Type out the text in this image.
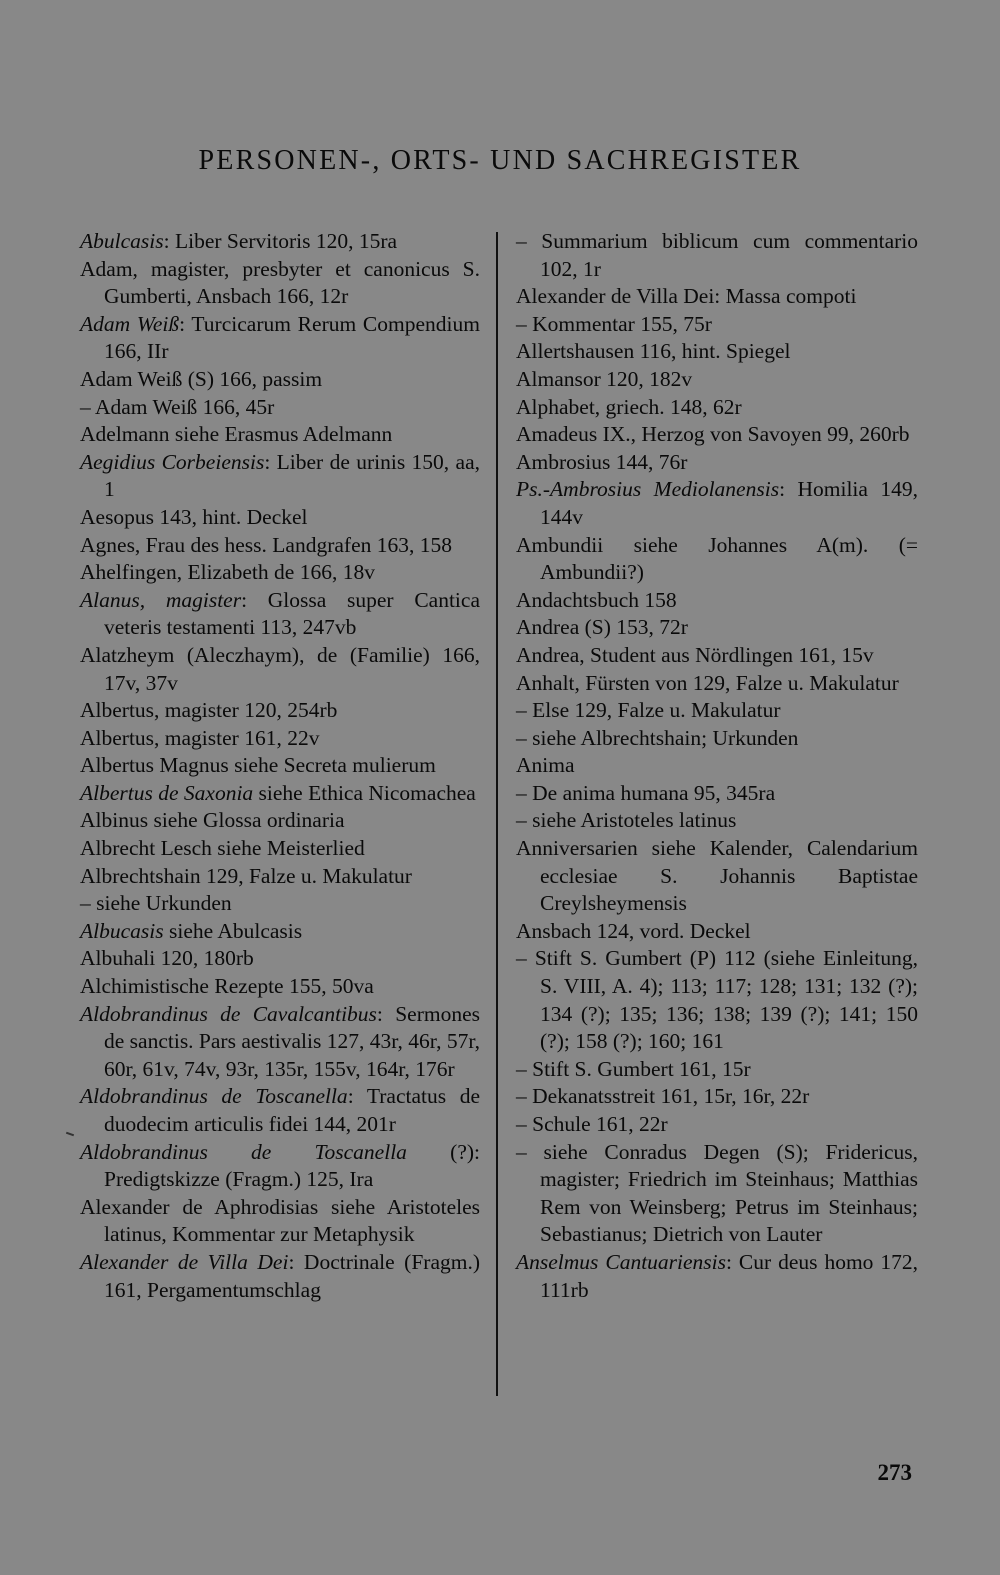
PERSONEN-, ORTS- UND SACHREGISTER
Abulcasis: Liber Servitoris 120, 15ra
Adam, magister, presbyter et canonicus S. Gumberti, Ansbach 166, 12r
Adam Weiß: Turcicarum Rerum Compendium 166, IIr
Adam Weiß (S) 166, passim
– Adam Weiß 166, 45r
Adelmann siehe Erasmus Adelmann
Aegidius Corbeiensis: Liber de urinis 150, aa, 1
Aesopus 143, hint. Deckel
Agnes, Frau des hess. Landgrafen 163, 158
Ahelfingen, Elizabeth de 166, 18v
Alanus, magister: Glossa super Cantica veteris testamenti 113, 247vb
Alatzheym (Aleczhaym), de (Familie) 166, 17v, 37v
Albertus, magister 120, 254rb
Albertus, magister 161, 22v
Albertus Magnus siehe Secreta mulierum
Albertus de Saxonia siehe Ethica Nicomachea
Albinus siehe Glossa ordinaria
Albrecht Lesch siehe Meisterlied
Albrechtshain 129, Falze u. Makulatur
– siehe Urkunden
Albucasis siehe Abulcasis
Albuhali 120, 180rb
Alchimistische Rezepte 155, 50va
Aldobrandinus de Cavalcantibus: Sermones de sanctis. Pars aestivalis 127, 43r, 46r, 57r, 60r, 61v, 74v, 93r, 135r, 155v, 164r, 176r
Aldobrandinus de Toscanella: Tractatus de duodecim articulis fidei 144, 201r
Aldobrandinus de Toscanella (?): Predigtskizze (Fragm.) 125, Ira
Alexander de Aphrodisias siehe Aristoteles latinus, Kommentar zur Metaphysik
Alexander de Villa Dei: Doctrinale (Fragm.) 161, Pergamentumschlag
– Summarium biblicum cum commentario 102, 1r
Alexander de Villa Dei: Massa compoti
– Kommentar 155, 75r
Allertshausen 116, hint. Spiegel
Almansor 120, 182v
Alphabet, griech. 148, 62r
Amadeus IX., Herzog von Savoyen 99, 260rb
Ambrosius 144, 76r
Ps.-Ambrosius Mediolanensis: Homilia 149, 144v
Ambundii siehe Johannes A(m). (= Ambundii?)
Andachtsbuch 158
Andrea (S) 153, 72r
Andrea, Student aus Nördlingen 161, 15v
Anhalt, Fürsten von 129, Falze u. Makulatur
– Else 129, Falze u. Makulatur
– siehe Albrechtshain; Urkunden
Anima
– De anima humana 95, 345ra
– siehe Aristoteles latinus
Anniversarien siehe Kalender, Calendarium ecclesiae S. Johannis Baptistae Creylsheymensis
Ansbach 124, vord. Deckel
– Stift S. Gumbert (P) 112 (siehe Einleitung, S. VIII, A. 4); 113; 117; 128; 131; 132 (?); 134 (?); 135; 136; 138; 139 (?); 141; 150 (?); 158 (?); 160; 161
– Stift S. Gumbert 161, 15r
– Dekanatsstreit 161, 15r, 16r, 22r
– Schule 161, 22r
– siehe Conradus Degen (S); Fridericus, magister; Friedrich im Steinhaus; Matthias Rem von Weinsberg; Petrus im Steinhaus; Sebastianus; Dietrich von Lauter
Anselmus Cantuariensis: Cur deus homo 172, 111rb
273
